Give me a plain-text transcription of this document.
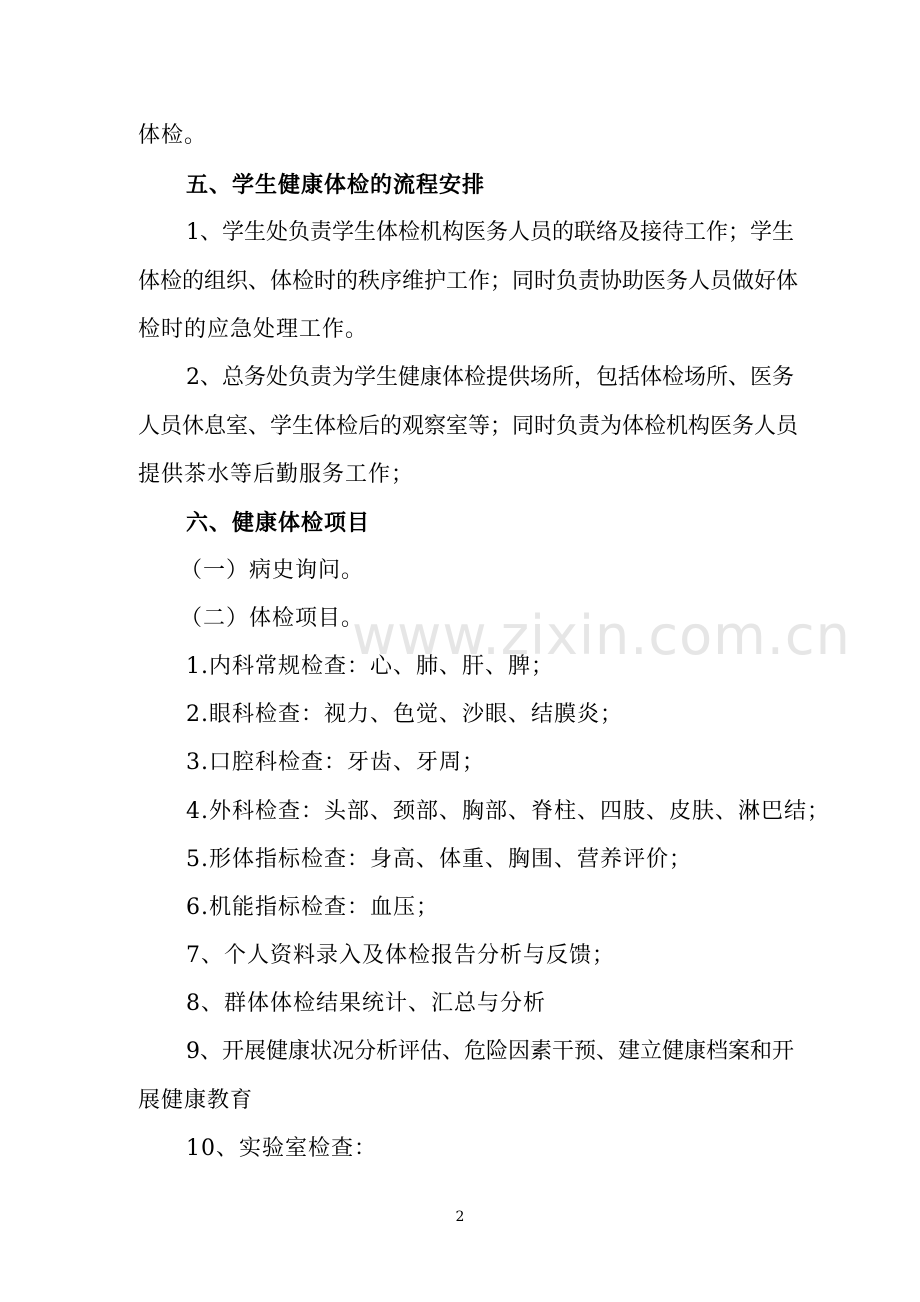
www.zixin.com.cn
体检。
五、学生健康体检的流程安排
1、学生处负责学生体检机构医务人员的联络及接待工作；学生
体检的组织、体检时的秩序维护工作；同时负责协助医务人员做好体
检时的应急处理工作。
2、总务处负责为学生健康体检提供场所，包括体检场所、医务
人员休息室、学生体检后的观察室等；同时负责为体检机构医务人员
提供茶水等后勤服务工作；
六、健康体检项目
（一）病史询问。
（二）体检项目。
1.内科常规检查：心、肺、肝、脾；
2.眼科检查：视力、色觉、沙眼、结膜炎；
3.口腔科检查：牙齿、牙周；
4.外科检查：头部、颈部、胸部、脊柱、四肢、皮肤、淋巴结；
5.形体指标检查：身高、体重、胸围、营养评价；
6.机能指标检查：血压；
7、个人资料录入及体检报告分析与反馈；
8、群体体检结果统计、汇总与分析
9、开展健康状况分析评估、危险因素干预、建立健康档案和开
展健康教育
10、实验室检查：
2
